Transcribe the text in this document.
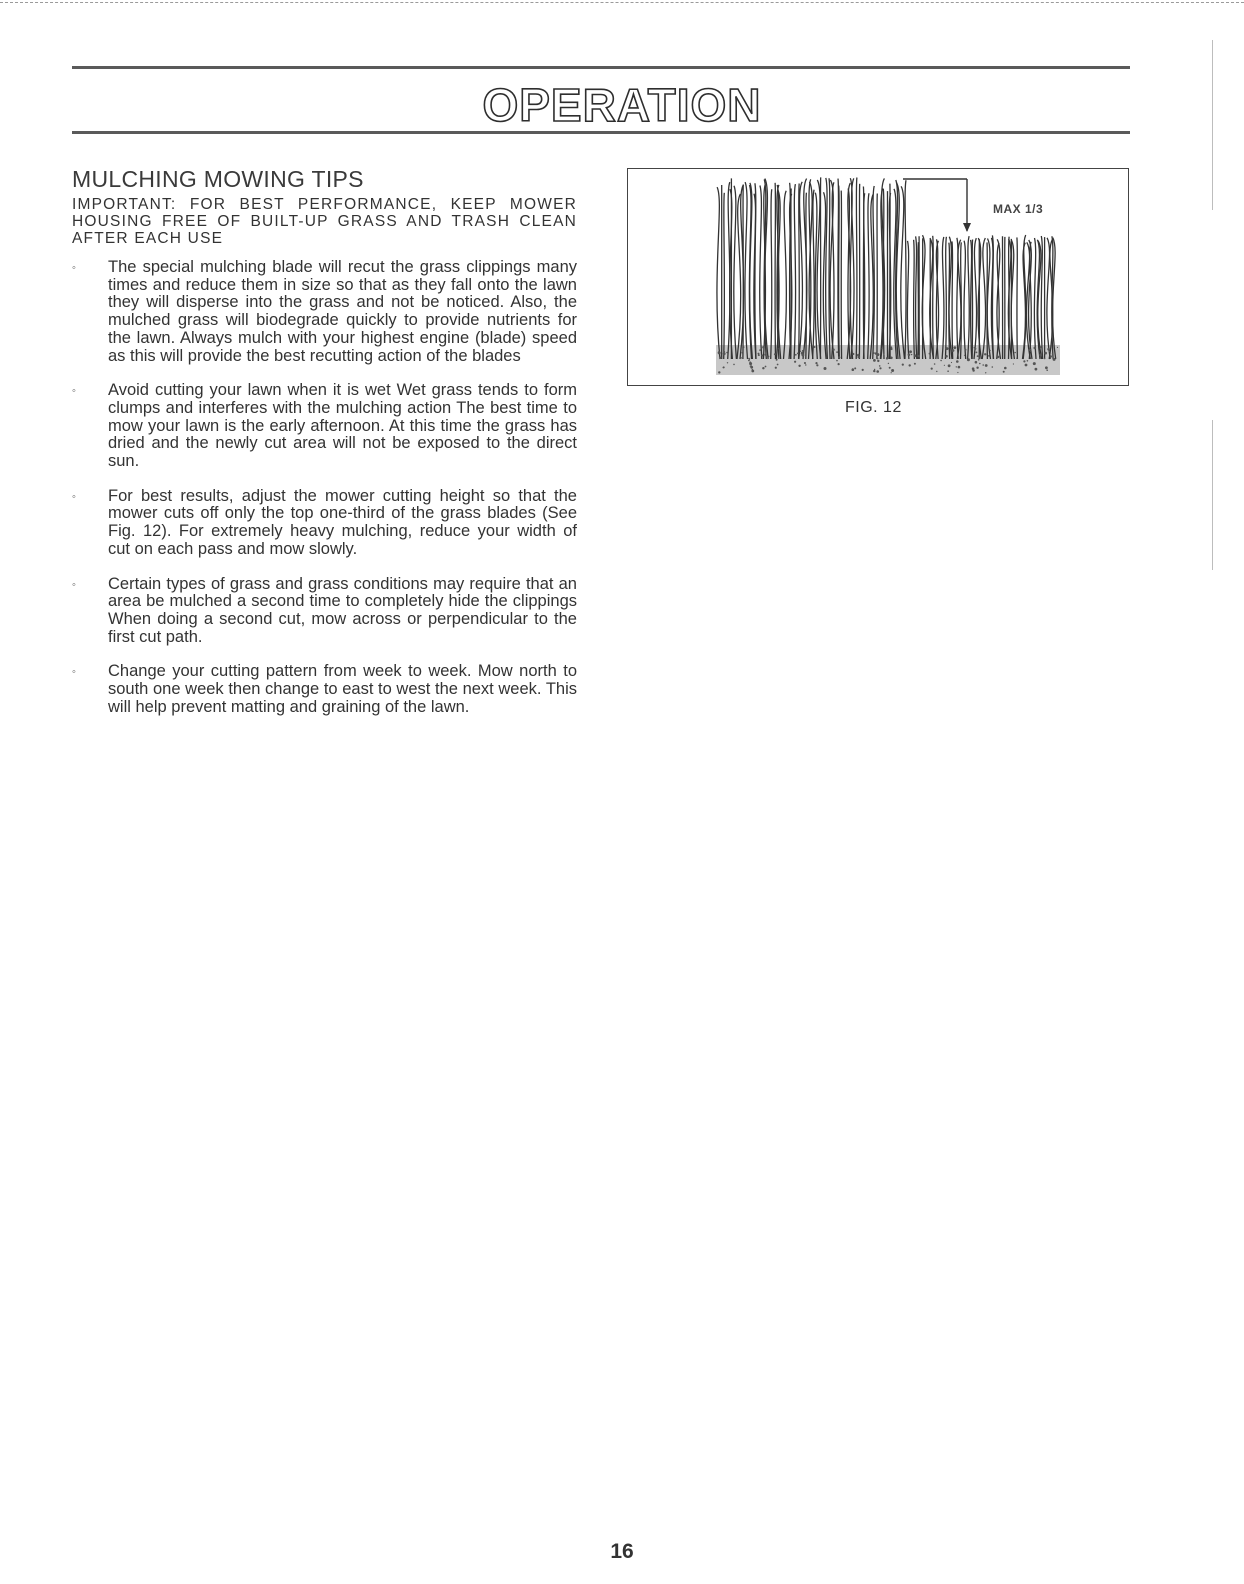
OPERATION
MULCHING MOWING TIPS
IMPORTANT: FOR BEST PERFORMANCE, KEEP MOWER HOUSING FREE OF BUILT-UP GRASS AND TRASH CLEAN AFTER EACH USE
◦ The special mulching blade will recut the grass clippings many times and reduce them in size so that as they fall onto the lawn they will disperse into the grass and not be noticed. Also, the mulched grass will biodegrade quickly to provide nutrients for the lawn. Always mulch with your highest engine (blade) speed as this will provide the best recutting action of the blades
◦ Avoid cutting your lawn when it is wet Wet grass tends to form clumps and interferes with the mulching action The best time to mow your lawn is the early afternoon. At this time the grass has dried and the newly cut area will not be exposed to the direct sun.
◦ For best results, adjust the mower cutting height so that the mower cuts off only the top one-third of the grass blades (See Fig. 12). For extremely heavy mulching, reduce your width of cut on each pass and mow slowly.
◦ Certain types of grass and grass conditions may require that an area be mulched a second time to completely hide the clippings When doing a second cut, mow across or perpendicular to the first cut path.
◦ Change your cutting pattern from week to week. Mow north to south one week then change to east to west the next week. This will help prevent matting and graining of the lawn.
MAX 1/3
FIG. 12
16
